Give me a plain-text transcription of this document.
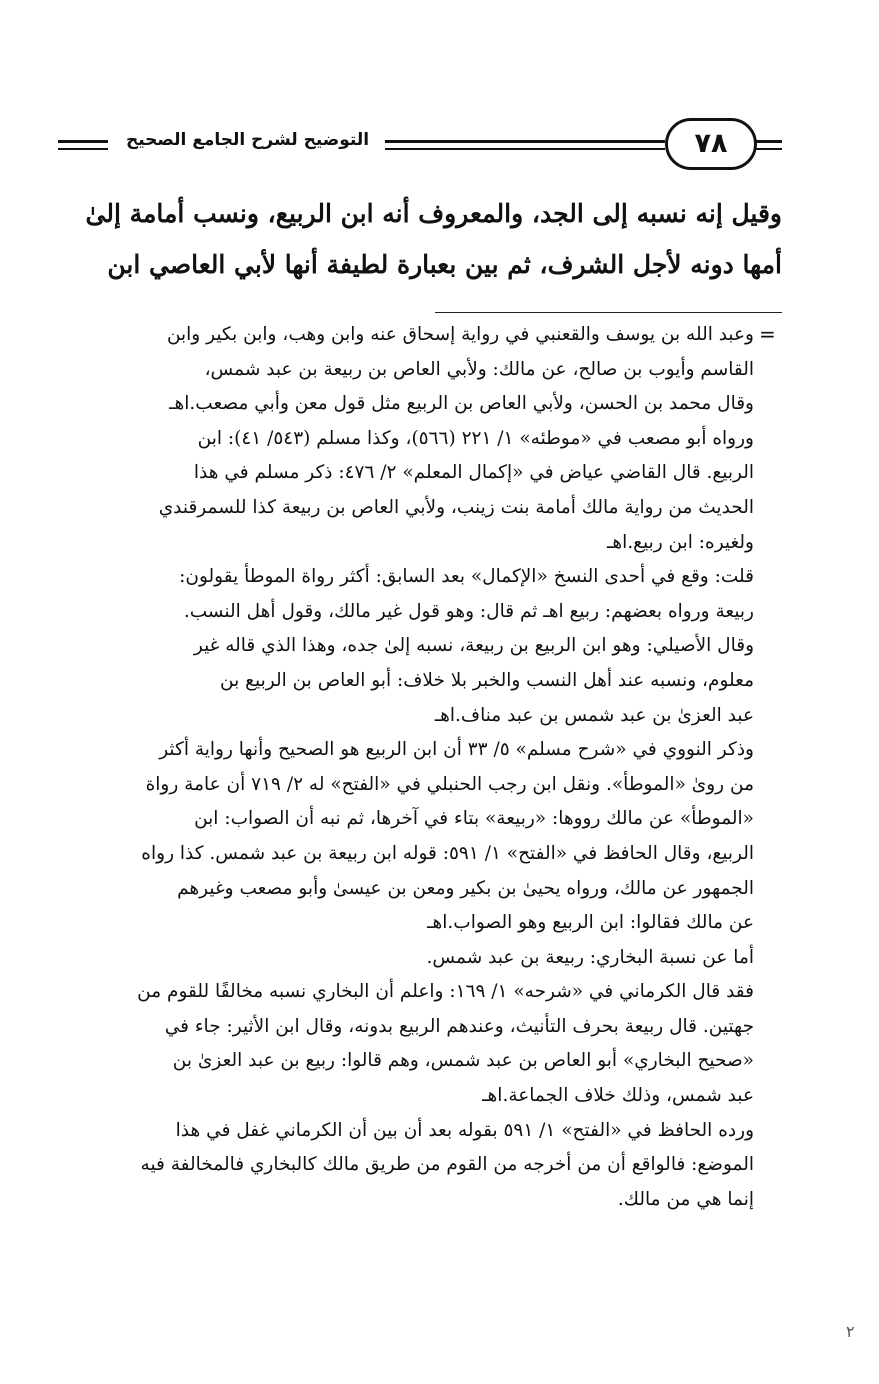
التوضيح لشرح الجامع الصحيح	٧٨

وقيل إنه نسبه إلى الجد، والمعروف أنه ابن الربيع، ونسب أمامة إلىٰ

أمها دونه لأجل الشرف، ثم بين بعبارة لطيفة أنها لأبي العاصي ابن

=

وعبد الله بن يوسف والقعنبي في رواية إسحاق عنه وابن وهب، وابن بكير وابن

القاسم وأيوب بن صالح، عن مالك: ولأبي العاص بن ربيعة بن عبد شمس،

وقال محمد بن الحسن، ولأبي العاص بن الربيع مثل قول معن وأبي مصعب.اهـ

ورواه أبو مصعب في «موطئه» ١/ ٢٢١ (٥٦٦)، وكذا مسلم (٥٤٣/ ٤١): ابن

الربيع. قال القاضي عياض في «إكمال المعلم» ٢/ ٤٧٦: ذكر مسلم في هذا

الحديث من رواية مالك أمامة بنت زينب، ولأبي العاص بن ربيعة كذا للسمرقندي

ولغيره: ابن ربيع.اهـ

قلت: وقع في أحدى النسخ «الإكمال» بعد السابق: أكثر رواة الموطأ يقولون:

ربيعة ورواه بعضهم: ربيع اهـ ثم قال: وهو قول غير مالك، وقول أهل النسب.

وقال الأصيلي: وهو ابن الربيع بن ربيعة، نسبه إلىٰ جده، وهذا الذي قاله غير

معلوم، ونسبه عند أهل النسب والخبر بلا خلاف: أبو العاص بن الربيع بن

عبد العزىٰ بن عبد شمس بن عبد مناف.اهـ

وذكر النووي في «شرح مسلم» ٥/ ٣٣ أن ابن الربيع هو الصحيح وأنها رواية أكثر

من رویٰ «الموطأ». ونقل ابن رجب الحنبلي في «الفتح» له ٢/ ٧١٩ أن عامة رواة

«الموطأ» عن مالك رووها: «ربيعة» بتاء في آخرها، ثم نبه أن الصواب: ابن

الربيع، وقال الحافظ في «الفتح» ١/ ٥٩١: قوله ابن ربيعة بن عبد شمس. كذا رواه

الجمهور عن مالك، ورواه يحيىٰ بن بكير ومعن بن عيسىٰ وأبو مصعب وغيرهم

عن مالك فقالوا: ابن الربيع وهو الصواب.اهـ

أما عن نسبة البخاري: ربيعة بن عبد شمس.

فقد قال الكرماني في «شرحه» ١/ ١٦٩: واعلم أن البخاري نسبه مخالفًا للقوم من

جهتين. قال ربيعة بحرف التأنيث، وعندهم الربيع بدونه، وقال ابن الأثير: جاء في

«صحيح البخاري» أبو العاص بن عبد شمس، وهم قالوا: ربيع بن عبد العزىٰ بن

عبد شمس، وذلك خلاف الجماعة.اهـ

ورده الحافظ في «الفتح» ١/ ٥٩١ بقوله بعد أن بين أن الكرماني غفل في هذا

الموضع: فالواقع أن من أخرجه من القوم من طريق مالك كالبخاري فالمخالفة فيه

إنما هي من مالك.

٢
